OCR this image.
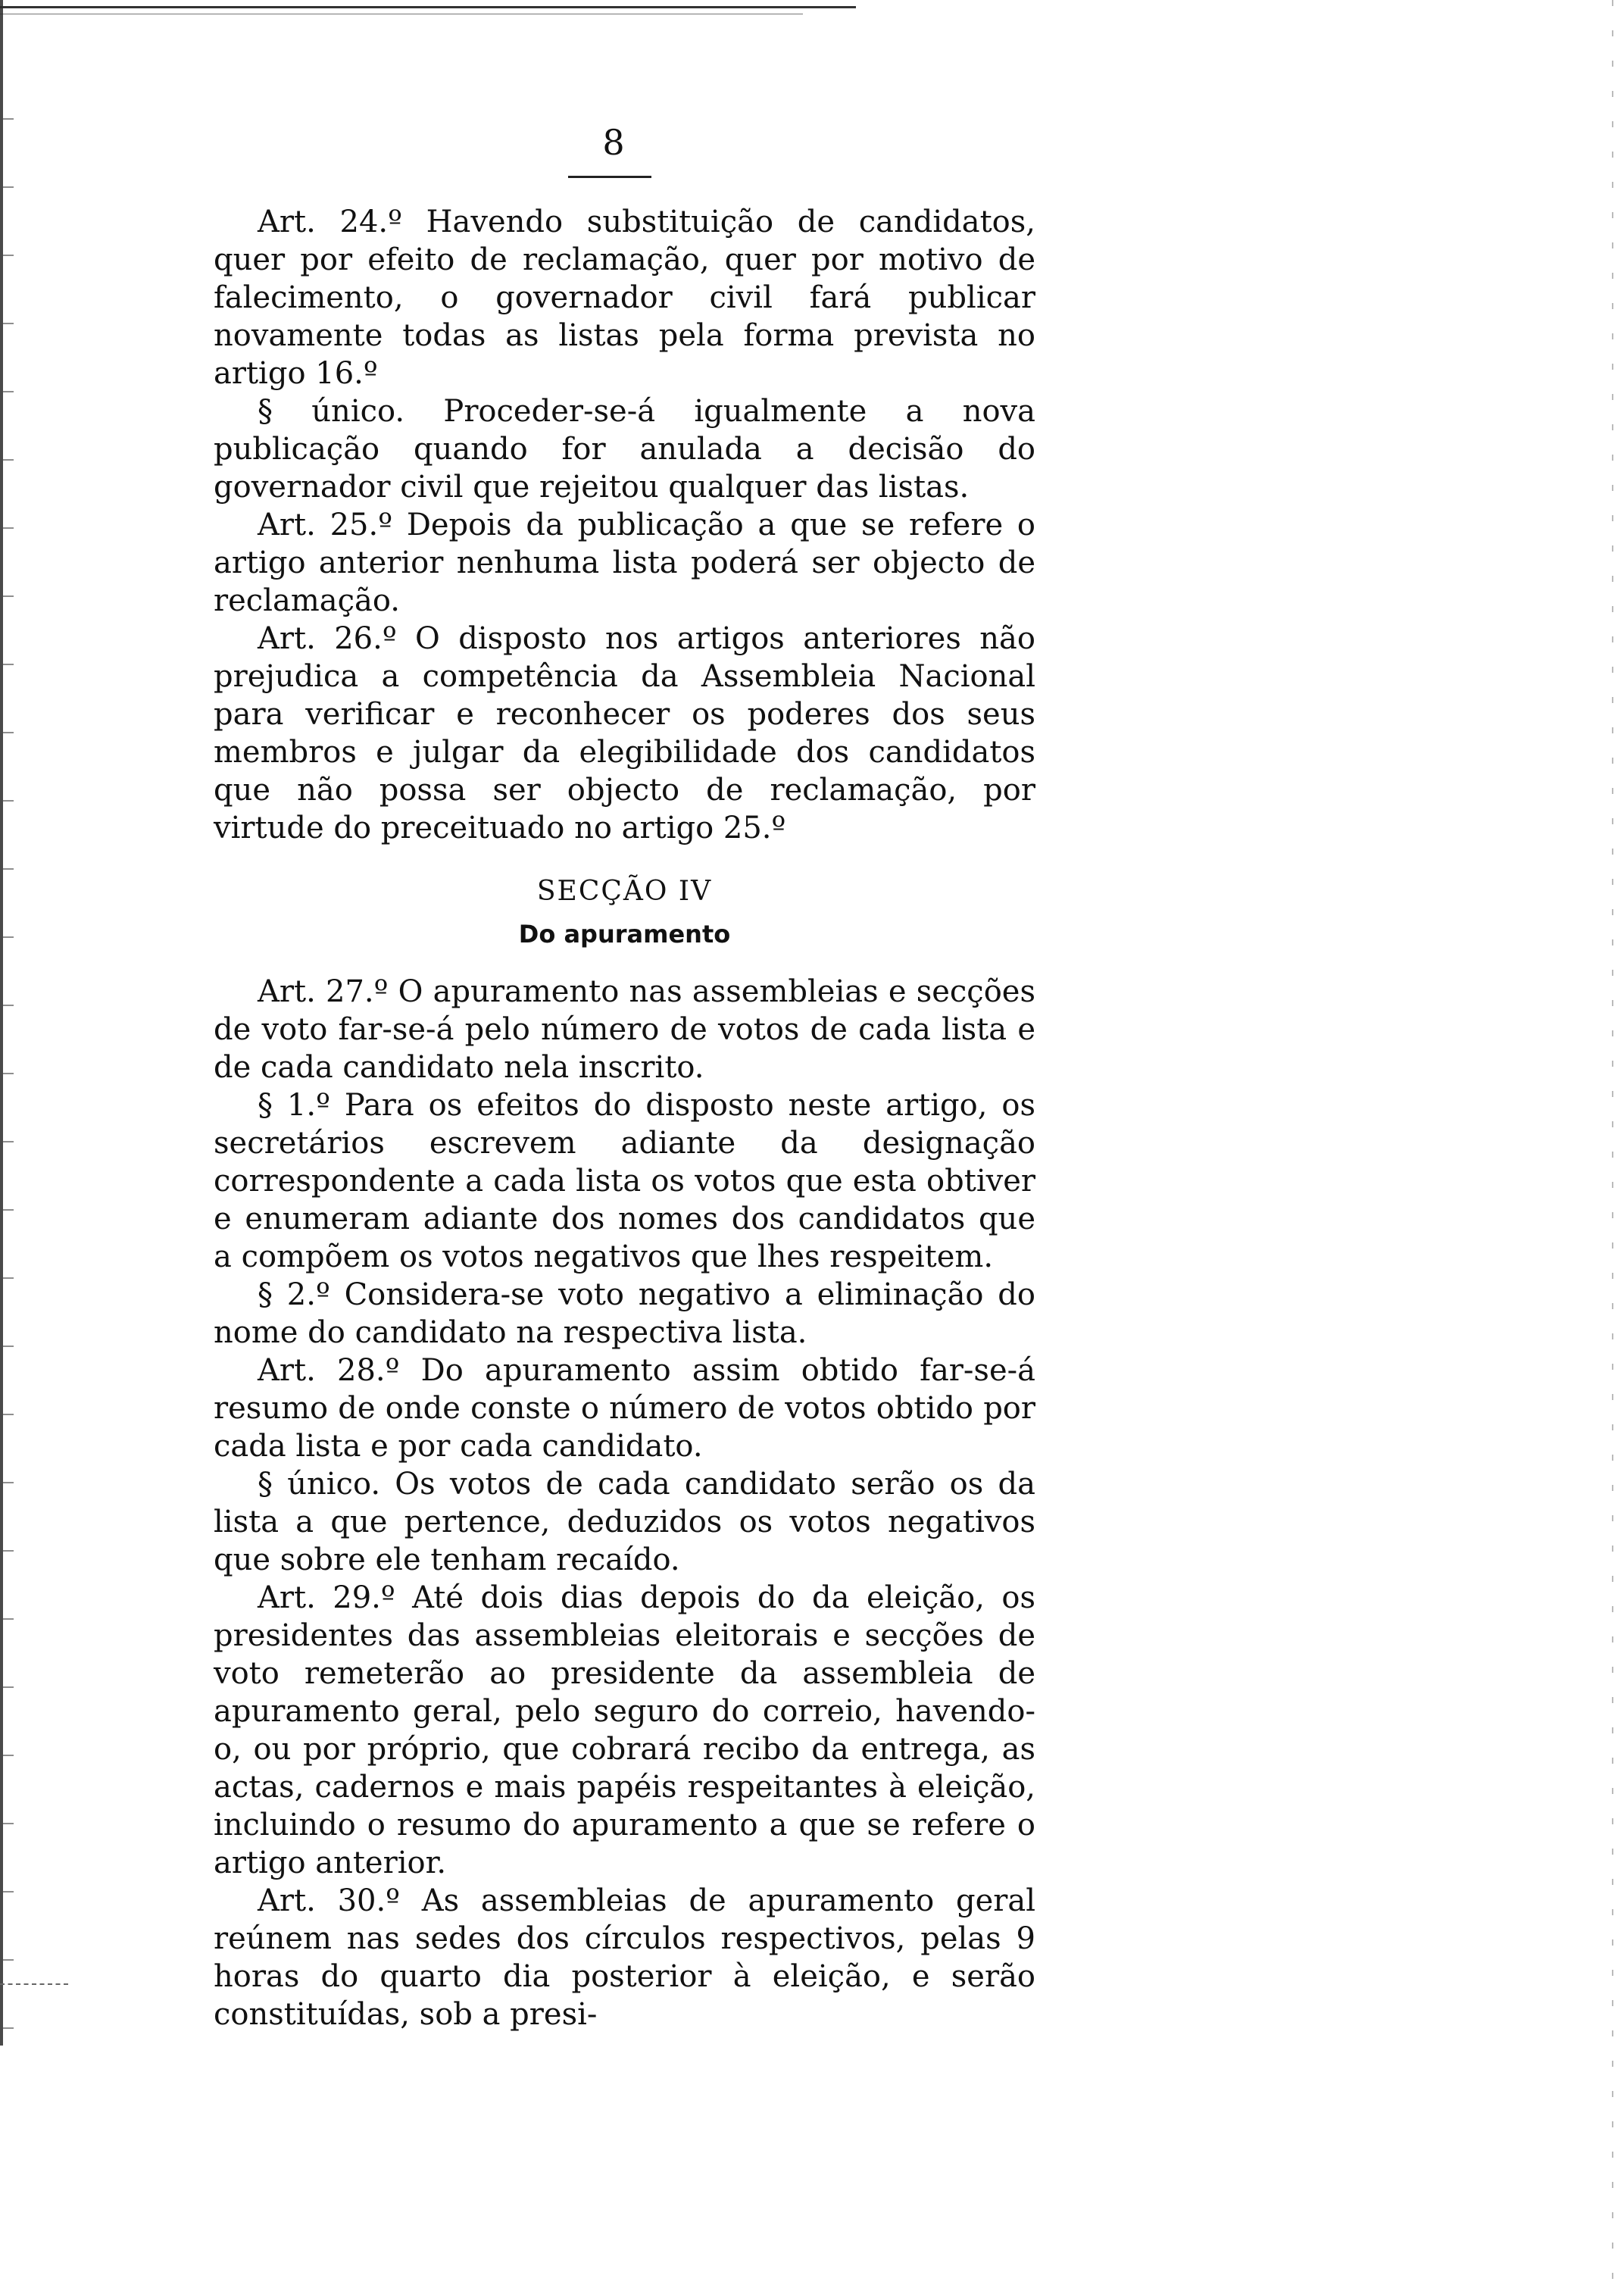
8

Art. 24.º Havendo substituição de candidatos, quer por efeito de reclamação, quer por motivo de falecimento, o governador civil fará publicar novamente todas as listas pela forma prevista no artigo 16.º

§ único. Proceder-se-á igualmente a nova publicação quando for anulada a decisão do governador civil que rejeitou qualquer das listas.

Art. 25.º Depois da publicação a que se refere o artigo anterior nenhuma lista poderá ser objecto de reclamação.

Art. 26.º O disposto nos artigos anteriores não prejudica a competência da Assembleia Nacional para verificar e reconhecer os poderes dos seus membros e julgar da elegibilidade dos candidatos que não possa ser objecto de reclamação, por virtude do preceituado no artigo 25.º

SECÇÃO IV
Do apuramento

Art. 27.º O apuramento nas assembleias e secções de voto far-se-á pelo número de votos de cada lista e de cada candidato nela inscrito.

§ 1.º Para os efeitos do disposto neste artigo, os secretários escrevem adiante da designação correspondente a cada lista os votos que esta obtiver e enumeram adiante dos nomes dos candidatos que a compõem os votos negativos que lhes respeitem.

§ 2.º Considera-se voto negativo a eliminação do nome do candidato na respectiva lista.

Art. 28.º Do apuramento assim obtido far-se-á resumo de onde conste o número de votos obtido por cada lista e por cada candidato.

§ único. Os votos de cada candidato serão os da lista a que pertence, deduzidos os votos negativos que sobre ele tenham recaído.

Art. 29.º Até dois dias depois do da eleição, os presidentes das assembleias eleitorais e secções de voto remeterão ao presidente da assembleia de apuramento geral, pelo seguro do correio, havendo-o, ou por próprio, que cobrará recibo da entrega, as actas, cadernos e mais papéis respeitantes à eleição, incluindo o resumo do apuramento a que se refere o artigo anterior.

Art. 30.º As assembleias de apuramento geral reúnem nas sedes dos círculos respectivos, pelas 9 horas do quarto dia posterior à eleição, e serão constituídas, sob a presi-
